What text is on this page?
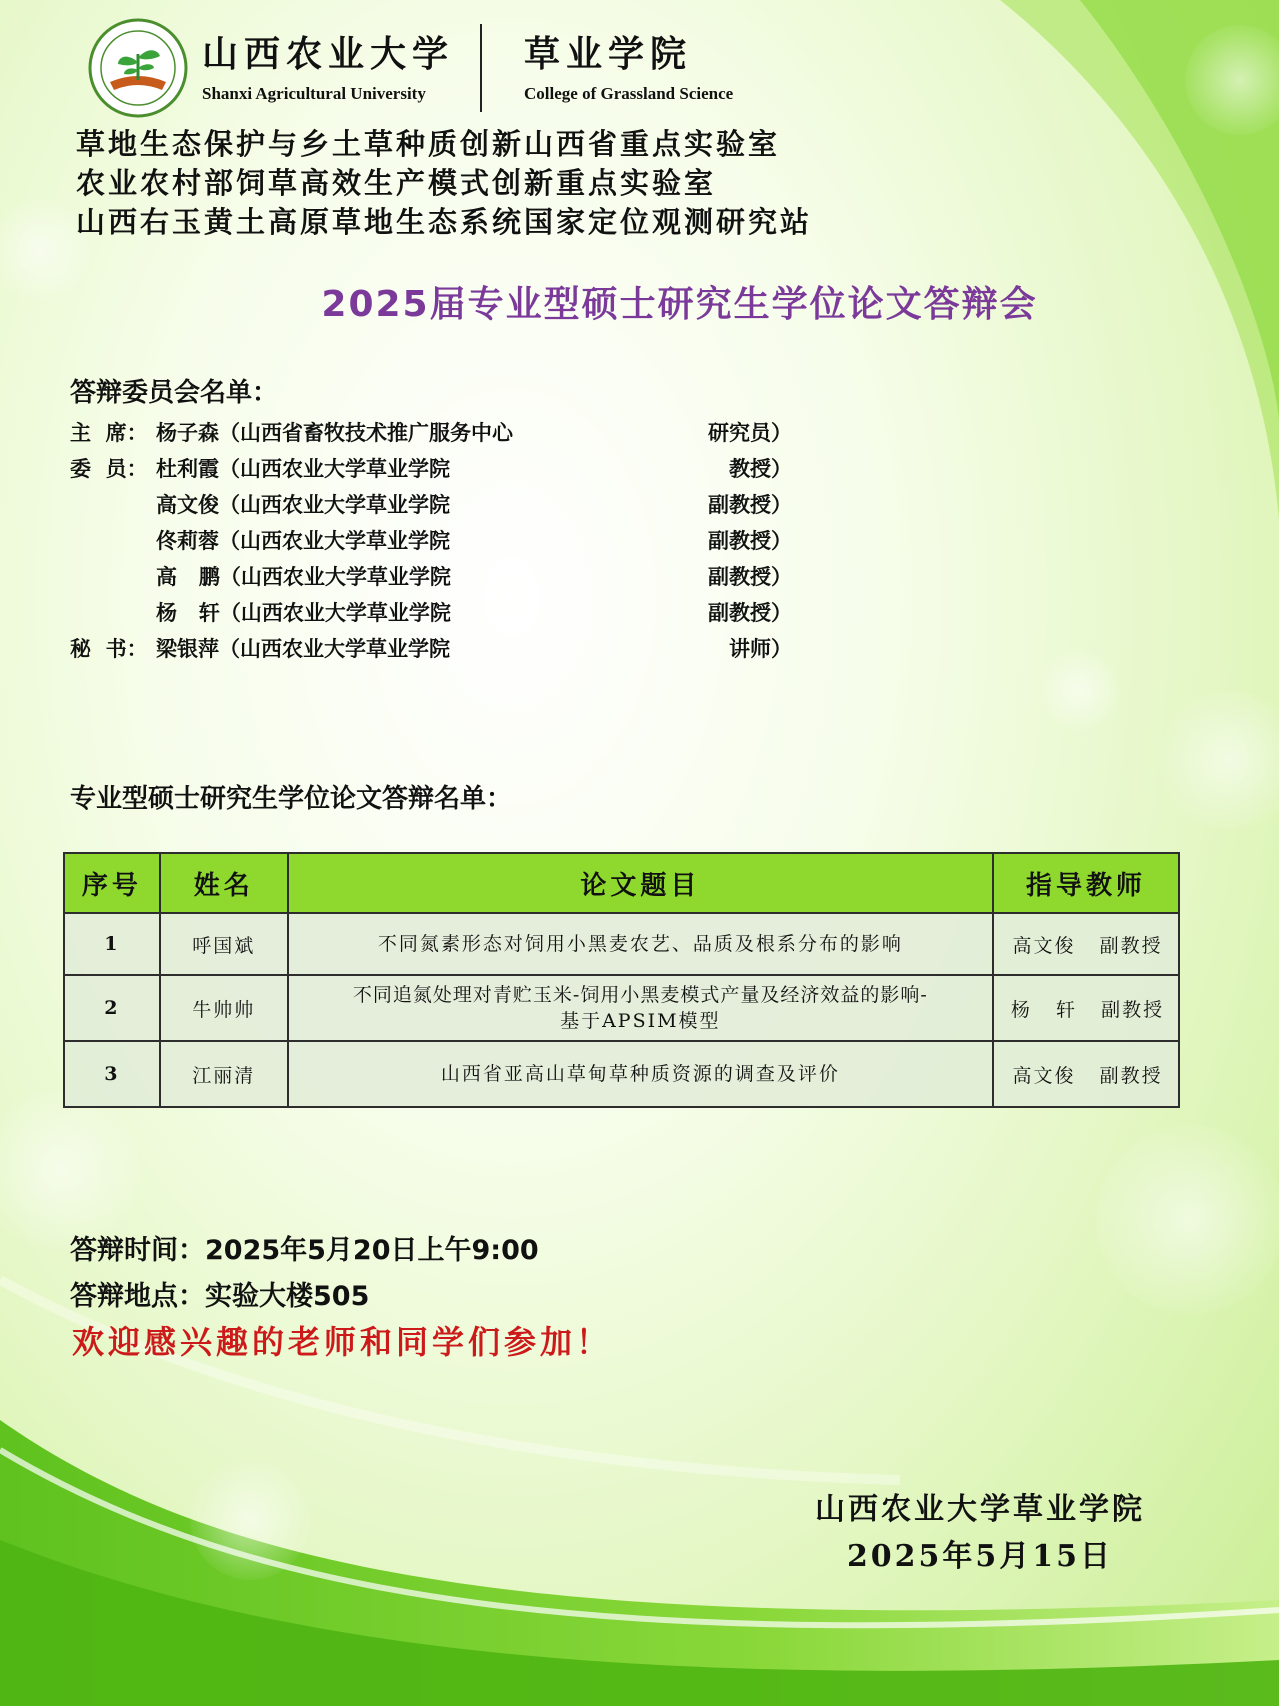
山西农业大学
Shanxi Agricultural University
草业学院
College of Grassland Science
草地生态保护与乡土草种质创新山西省重点实验室
农业农村部饲草高效生产模式创新重点实验室
山西右玉黄土高原草地生态系统国家定位观测研究站
2025届专业型硕士研究生学位论文答辩会
答辩委员会名单：
主  席： 杨子森（山西省畜牧技术推广服务中心	研究员）
委  员： 杜利霞（山西农业大学草业学院	教授）
高文俊（山西农业大学草业学院	副教授）
佟莉蓉（山西农业大学草业学院	副教授）
高   鹏（山西农业大学草业学院	副教授）
杨   轩（山西农业大学草业学院	副教授）
秘  书： 梁银萍（山西农业大学草业学院	讲师）
专业型硕士研究生学位论文答辩名单：
序号	姓名	论文题目	指导教师
1	呼国斌	不同氮素形态对饲用小黑麦农艺、品质及根系分布的影响	高文俊   副教授
2	牛帅帅	不同追氮处理对青贮玉米-饲用小黑麦模式产量及经济效益的影响-
基于APSIM模型	杨   轩   副教授
3	江丽清	山西省亚高山草甸草种质资源的调查及评价	高文俊   副教授
答辩时间：2025年5月20日上午9:00
答辩地点：实验大楼505
欢迎感兴趣的老师和同学们参加！
山西农业大学草业学院
2025年5月15日
